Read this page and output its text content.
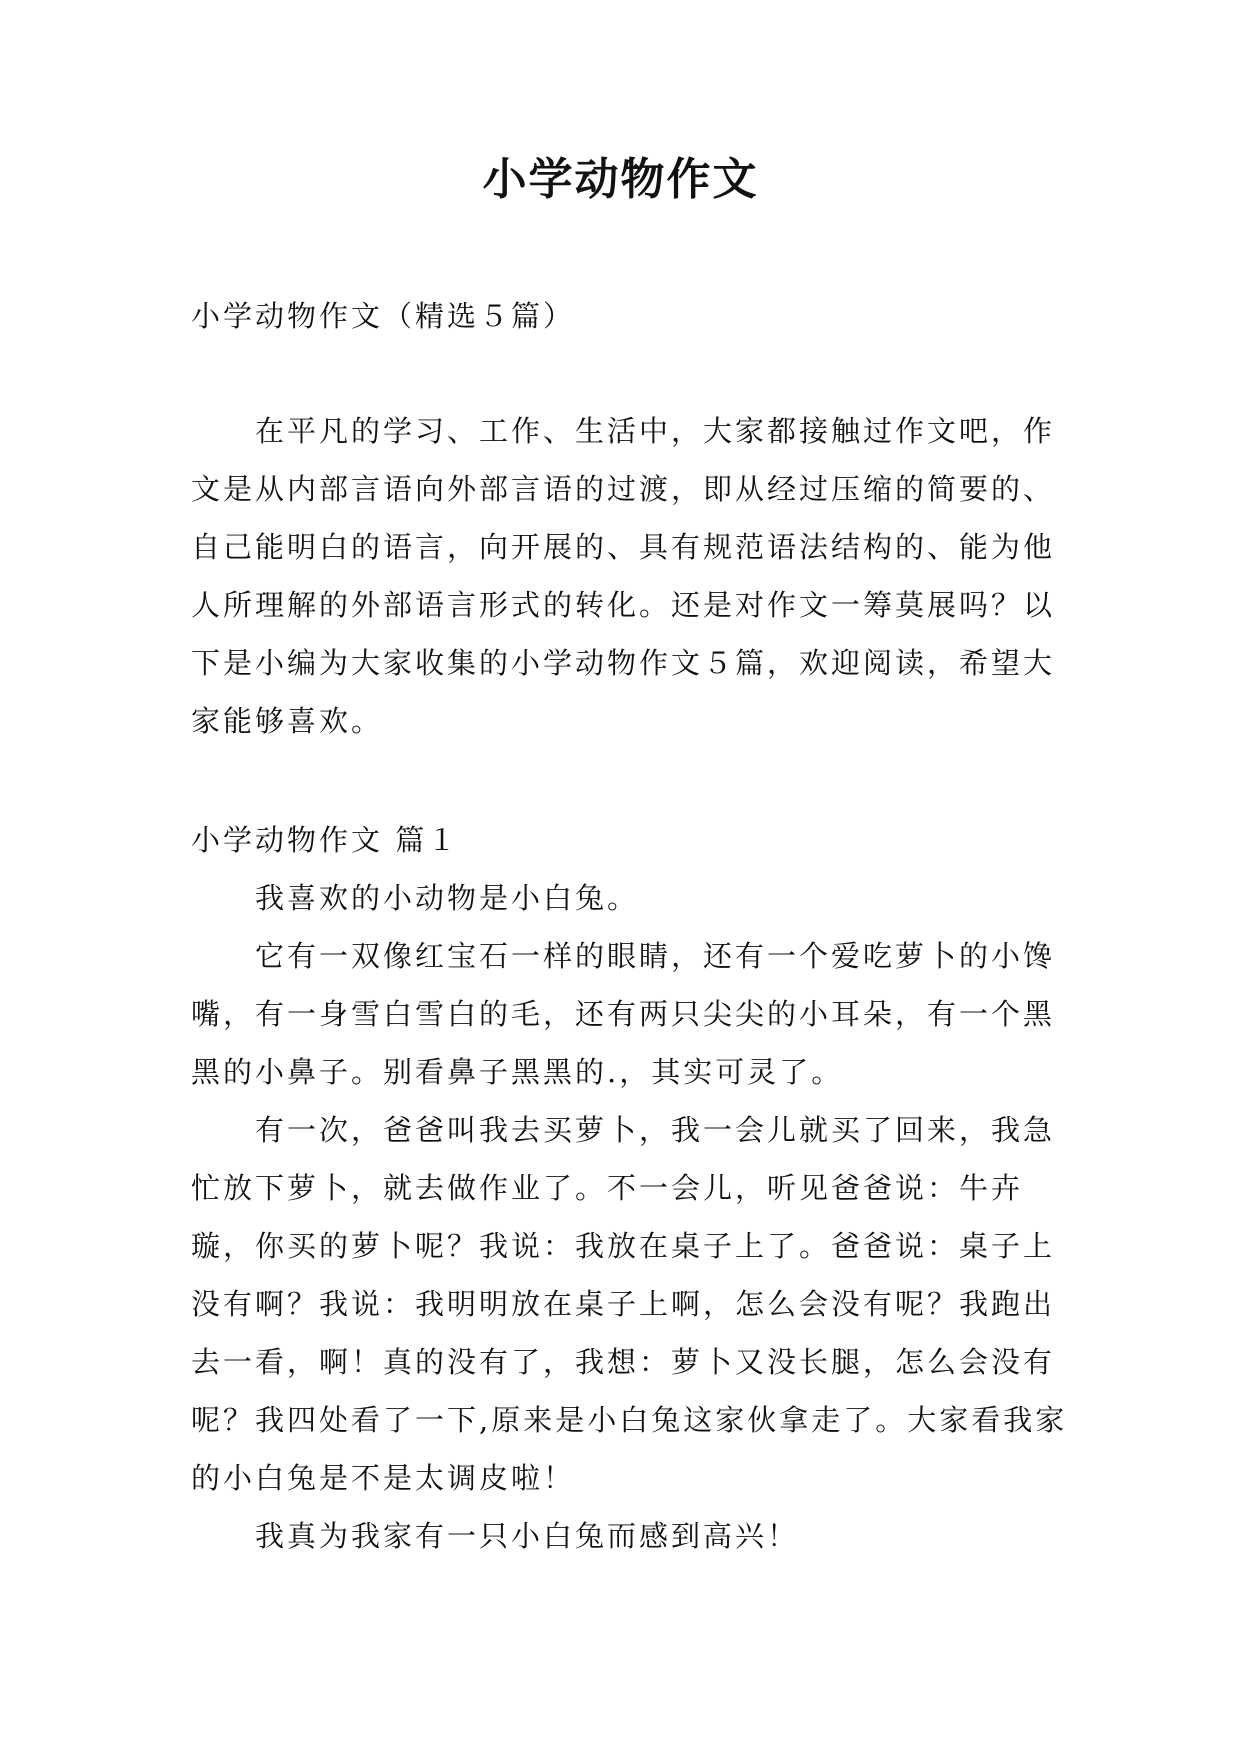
小学动物作文

小学动物作文（精选５篇）

在平凡的学习、工作、生活中，大家都接触过作文吧，作文是从内部言语向外部言语的过渡，即从经过压缩的简要的、自己能明白的语言，向开展的、具有规范语法结构的、能为他人所理解的外部语言形式的转化。还是对作文一筹莫展吗？以下是小编为大家收集的小学动物作文５篇，欢迎阅读，希望大家能够喜欢。

小学动物作文 篇１

我喜欢的小动物是小白兔。

它有一双像红宝石一样的眼睛，还有一个爱吃萝卜的小馋嘴，有一身雪白雪白的毛，还有两只尖尖的小耳朵，有一个黑黑的小鼻子。别看鼻子黑黑的.，其实可灵了。

有一次，爸爸叫我去买萝卜，我一会儿就买了回来，我急忙放下萝卜，就去做作业了。不一会儿，听见爸爸说：牛卉璇，你买的萝卜呢？我说：我放在桌子上了。爸爸说：桌子上没有啊？我说：我明明放在桌子上啊，怎么会没有呢？我跑出去一看，啊！真的没有了，我想：萝卜又没长腿，怎么会没有呢？我四处看了一下,原来是小白兔这家伙拿走了。大家看我家的小白兔是不是太调皮啦！

我真为我家有一只小白兔而感到高兴！
